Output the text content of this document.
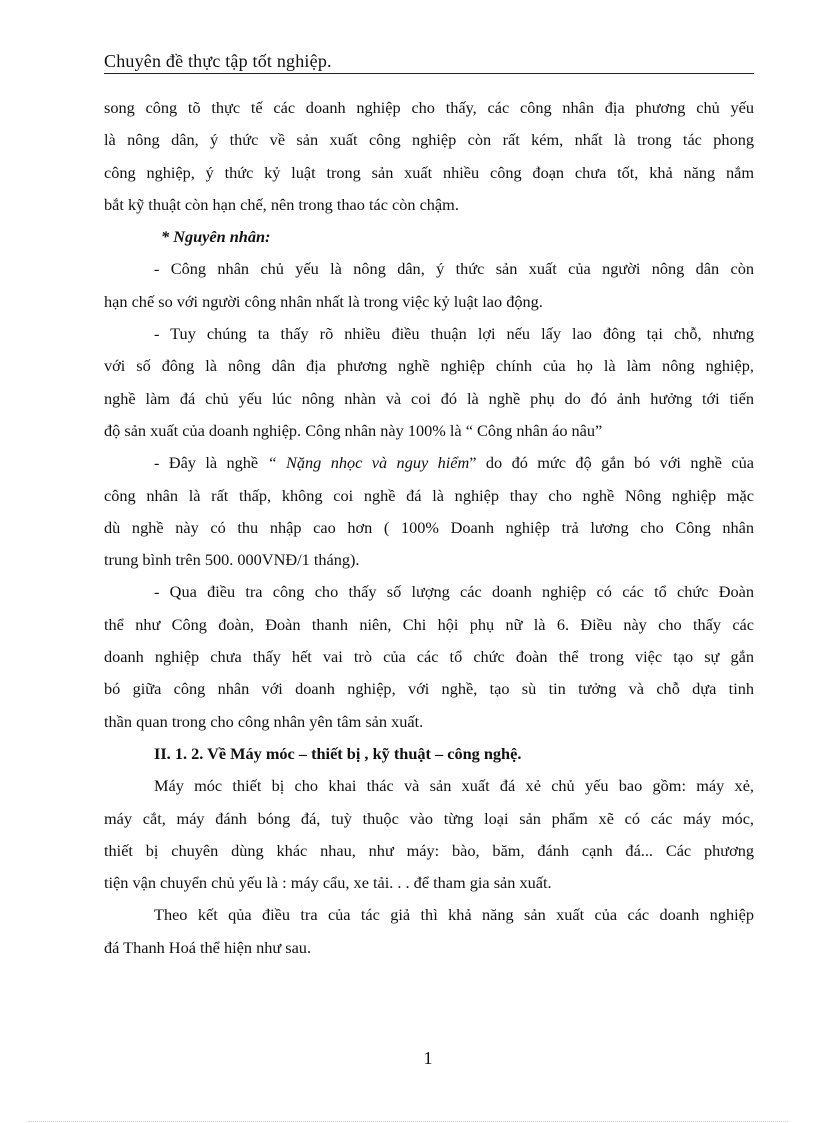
Chuyên đề thực tập tốt nghiệp.
song công tõ thực tế các doanh nghiệp cho thấy, các công nhân địa phương chủ yếu
là nông dân, ý thức về sản xuất công nghiệp còn rất kém, nhất là trong tác phong
công nghiệp, ý thức kỷ luật trong sản xuất nhiều công đoạn chưa tốt, khả năng nắm
bắt kỹ thuật còn hạn chế, nên trong thao tác còn chậm.
* Nguyên nhân:
- Công nhân chủ yếu là nông dân, ý thức sản xuất của người nông dân còn
hạn chế so với người công nhân nhất là trong việc kỷ luật lao động.
- Tuy chúng ta thấy rõ nhiều điều thuận lợi nếu lấy lao đông tại chỗ, nhưng
với số đông là nông dân địa phương nghề nghiệp chính của họ là làm nông nghiệp,
nghề làm đá chủ yếu lúc nông nhàn và coi đó là nghề phụ do đó ảnh hưởng tới tiến
độ sản xuất của doanh nghiệp. Công nhân này 100% là “ Công nhân áo nâu”
- Đây là nghề “ Nặng nhọc và nguy hiểm” do đó mức độ gắn bó với nghề của
công nhân là rất thấp, không coi nghề đá là nghiệp thay cho nghề Nông nghiệp mặc
dù nghề này có thu nhập cao hơn ( 100% Doanh nghiệp trả lương cho Công nhân
trung bình trên 500. 000VNĐ/1 tháng).
- Qua điều tra công cho thấy số lượng các doanh nghiệp có các tổ chức Đoàn
thể như Công đoàn, Đoàn thanh niên, Chi hội phụ nữ là 6. Điều này cho thấy các
doanh nghiệp chưa thấy hết vai trò của các tổ chức đoàn thể trong việc tạo sự gắn
bó giữa công nhân với doanh nghiệp, với nghề, tạo sù tin tưởng và chỗ dựa tinh
thần quan trong cho công nhân yên tâm sản xuất.
II. 1. 2. Về Máy móc – thiết bị , kỹ thuật – công nghệ.
Máy móc thiết bị cho khai thác và sản xuất đá xẻ chủ yếu bao gồm: máy xẻ,
máy cắt, máy đánh bóng đá, tuỳ thuộc vào từng loại sản phẩm xẽ có các máy móc,
thiết bị chuyên dùng khác nhau, như máy: bào, băm, đánh cạnh đá... Các phương
tiện vận chuyển chủ yếu là : máy cẩu, xe tải. . . để tham gia sản xuất.
Theo kết qủa điều tra của tác giả thì khả năng sản xuất của các doanh nghiệp
đá Thanh Hoá thể hiện như sau.
1
